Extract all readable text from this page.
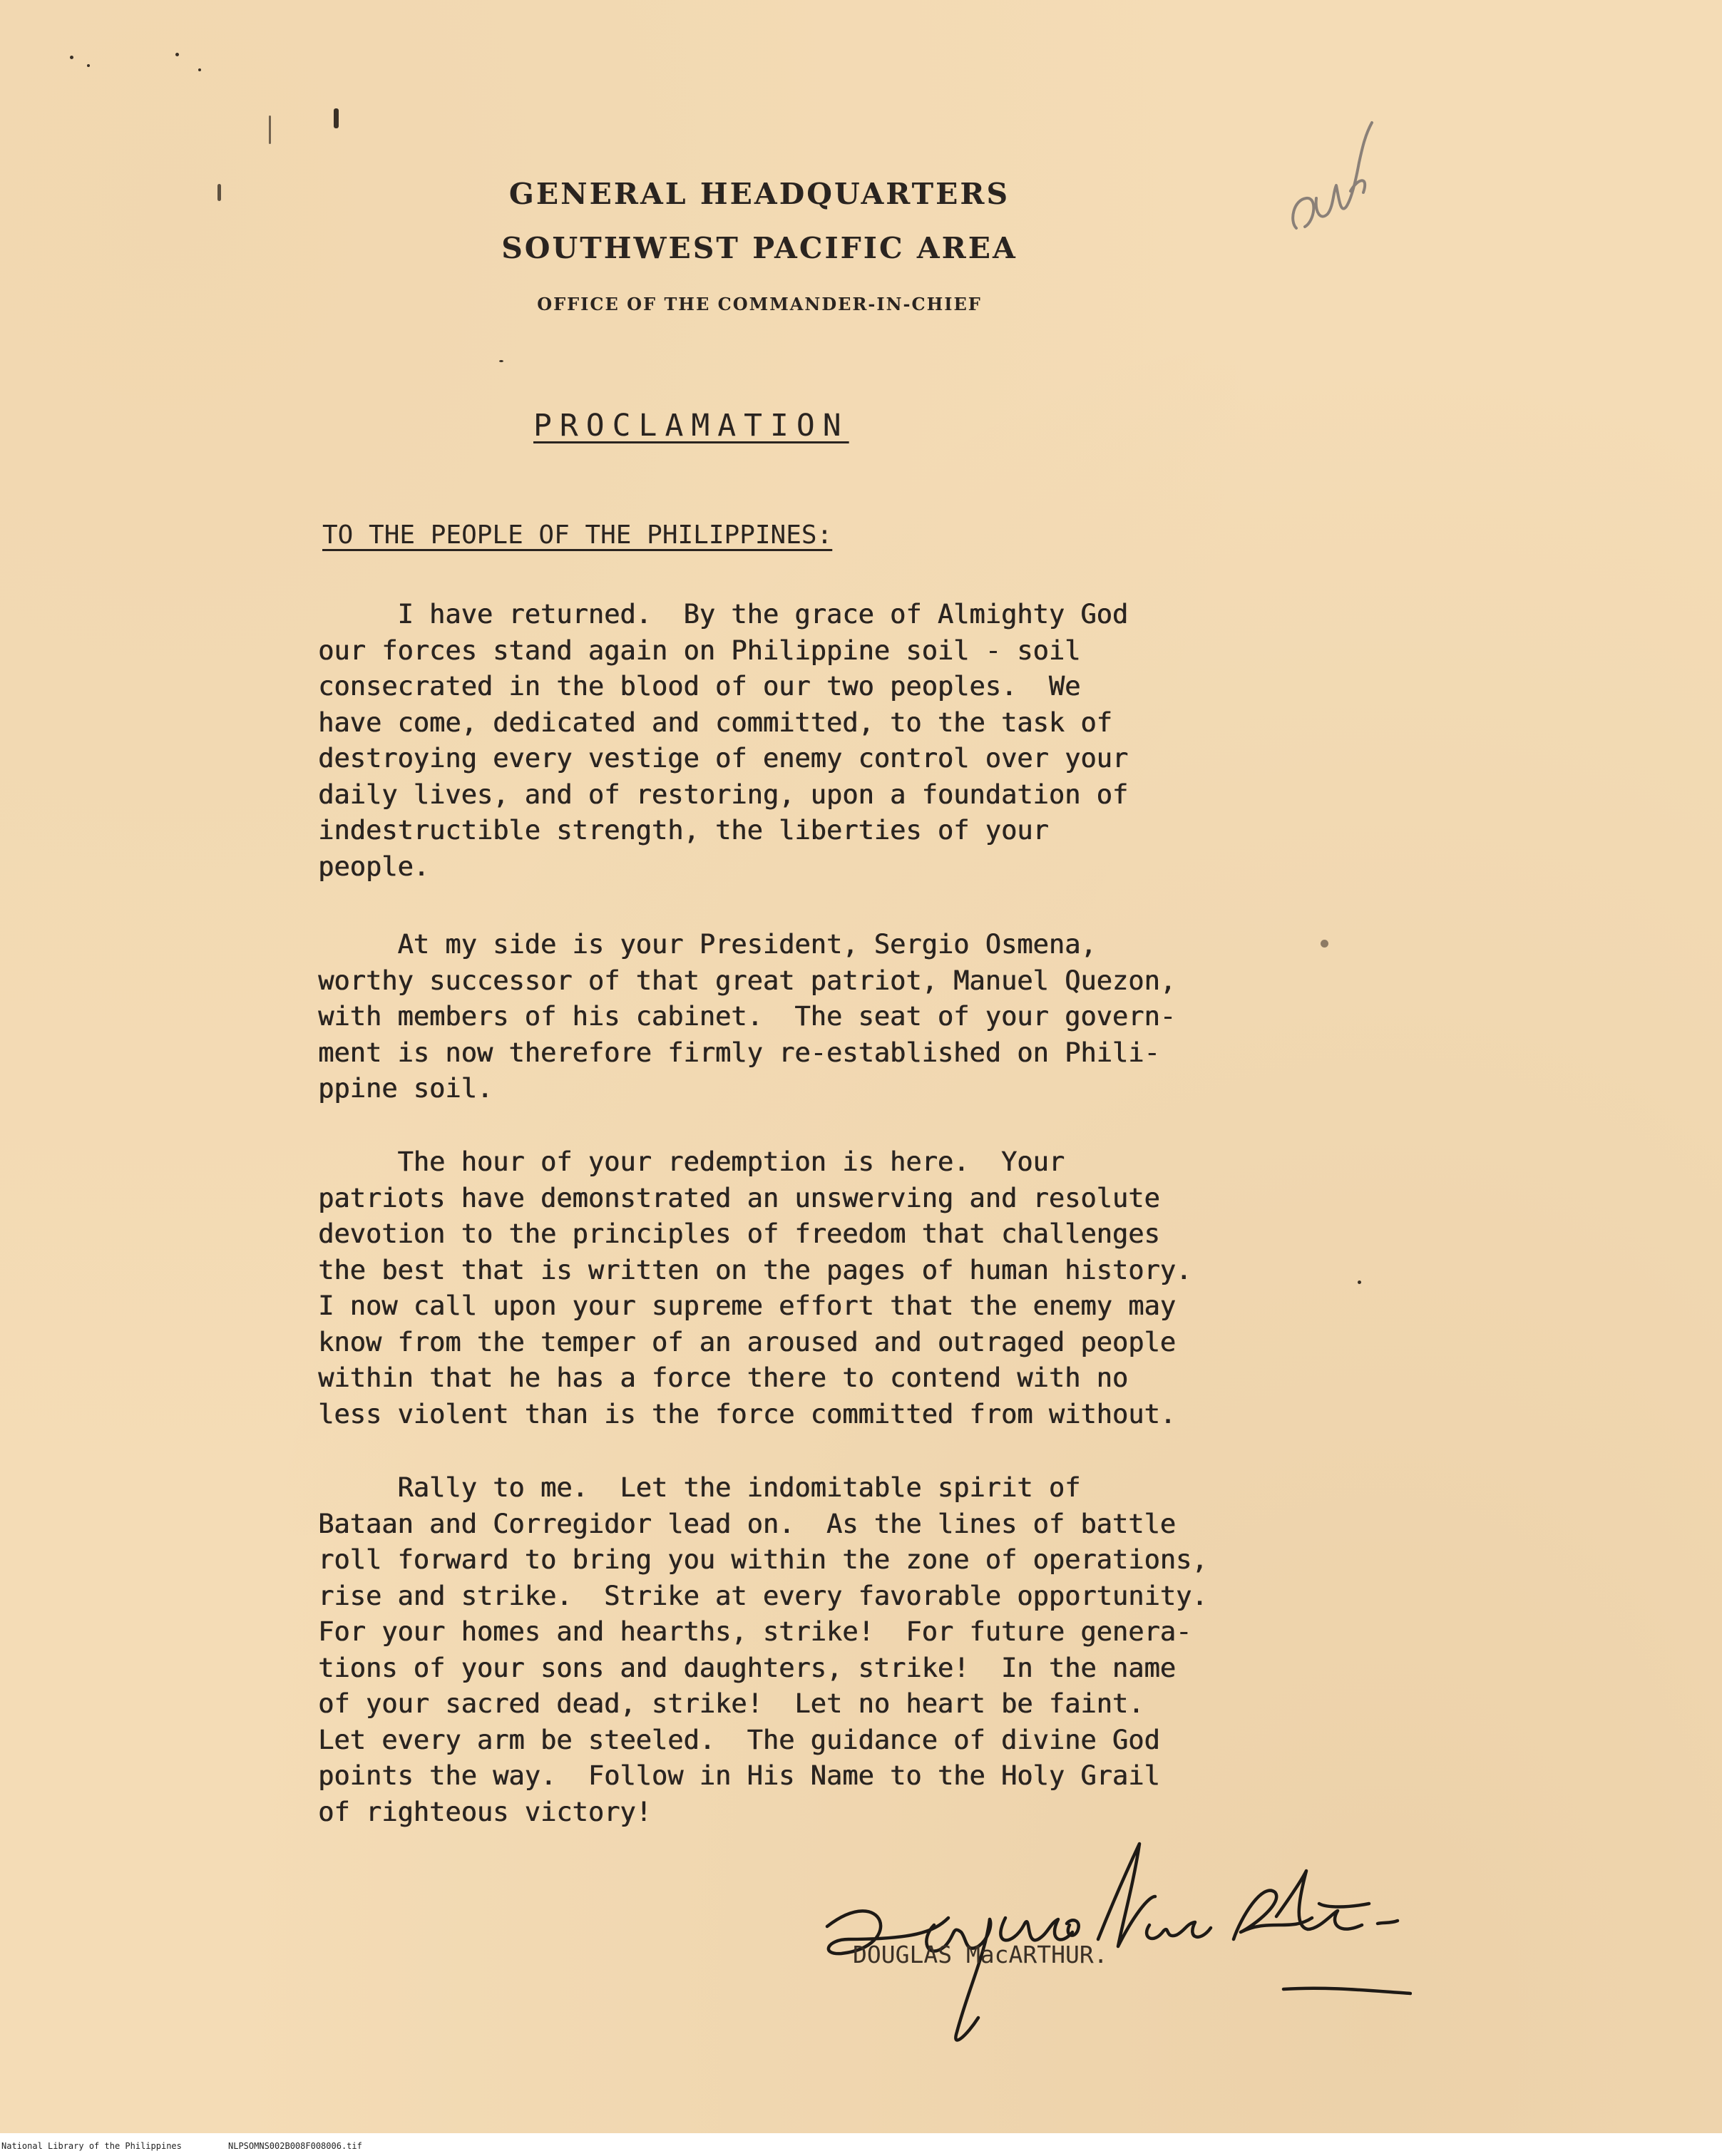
GENERAL HEADQUARTERS
SOUTHWEST PACIFIC AREA
OFFICE OF THE COMMANDER-IN-CHIEF
PROCLAMATION
TO THE PEOPLE OF THE PHILIPPINES:

I have returned.  By the grace of Almighty God
our forces stand again on Philippine soil - soil
consecrated in the blood of our two peoples.  We
have come, dedicated and committed, to the task of
destroying every vestige of enemy control over your
daily lives, and of restoring, upon a foundation of
indestructible strength, the liberties of your
people.

At my side is your President, Sergio Osmena,
worthy successor of that great patriot, Manuel Quezon,
with members of his cabinet.  The seat of your govern-
ment is now therefore firmly re-established on Phili-
ppine soil.

The hour of your redemption is here.  Your
patriots have demonstrated an unswerving and resolute
devotion to the principles of freedom that challenges
the best that is written on the pages of human history.
I now call upon your supreme effort that the enemy may
know from the temper of an aroused and outraged people
within that he has a force there to contend with no
less violent than is the force committed from without.

Rally to me.  Let the indomitable spirit of
Bataan and Corregidor lead on.  As the lines of battle
roll forward to bring you within the zone of operations,
rise and strike.  Strike at every favorable opportunity.
For your homes and hearths, strike!  For future genera-
tions of your sons and daughters, strike!  In the name
of your sacred dead, strike!  Let no heart be faint.
Let every arm be steeled.  The guidance of divine God
points the way.  Follow in His Name to the Holy Grail
of righteous victory!

DOUGLAS MacARTHUR.
National Library of the Philippines	NLPSOMNS002B008F008006.tif
